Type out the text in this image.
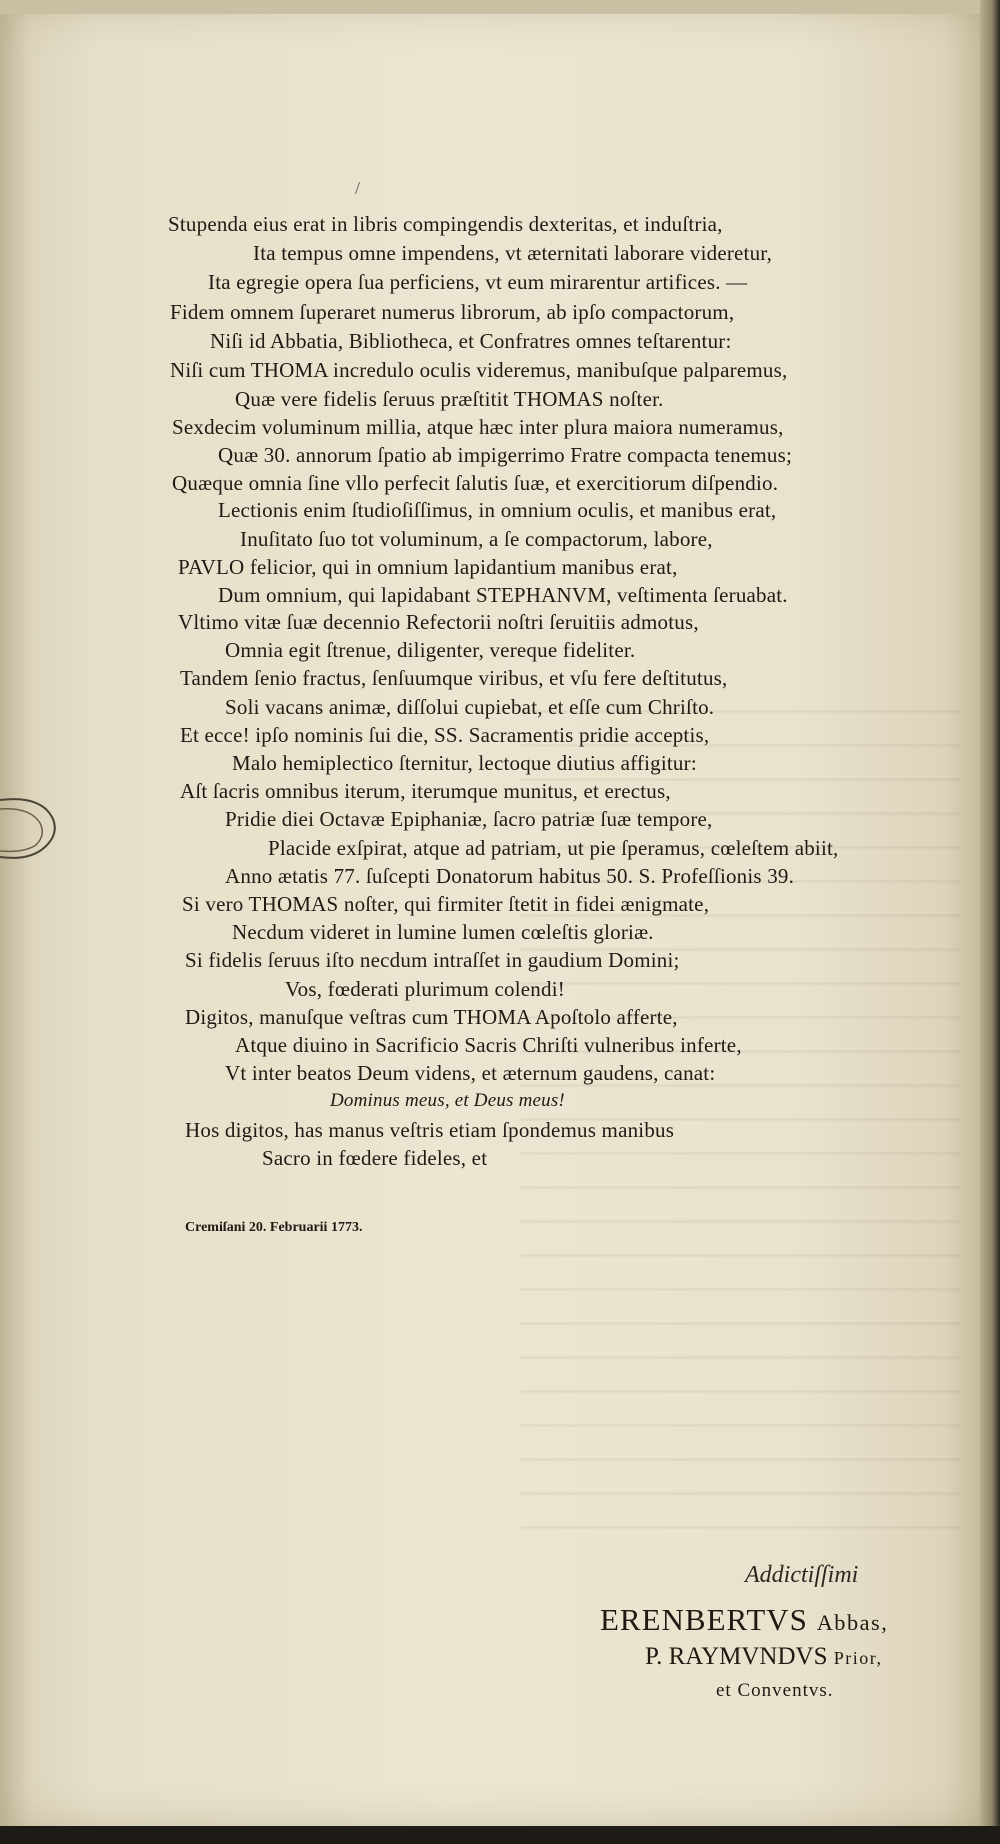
/
Stupenda eius erat in libris compingendis dexteritas, et induſtria,
Ita tempus omne impendens, vt æternitati laborare videretur,
Ita egregie opera ſua perficiens, vt eum mirarentur artifices. —
Fidem omnem ſuperaret numerus librorum, ab ipſo compactorum,
Niſi id Abbatia, Bibliotheca, et Confratres omnes teſtarentur:
Niſi cum THOMA incredulo oculis videremus, manibuſque palparemus,
Quæ vere fidelis ſeruus præſtitit THOMAS noſter.
Sexdecim voluminum millia, atque hæc inter plura maiora numeramus,
Quæ 30. annorum ſpatio ab impigerrimo Fratre compacta tenemus;
Quæque omnia ſine vllo perfecit ſalutis ſuæ, et exercitiorum diſpendio.
Lectionis enim ſtudioſiſſimus, in omnium oculis, et manibus erat,
Inuſitato ſuo tot voluminum, a ſe compactorum, labore,
PAVLO felicior, qui in omnium lapidantium manibus erat,
Dum omnium, qui lapidabant STEPHANVM, veſtimenta ſeruabat.
Vltimo vitæ ſuæ decennio Refectorii noſtri ſeruitiis admotus,
Omnia egit ſtrenue, diligenter, vereque fideliter.
Tandem ſenio fractus, ſenſuumque viribus, et vſu fere deſtitutus,
Soli vacans animæ, diſſolui cupiebat, et eſſe cum Chriſto.
Et ecce! ipſo nominis ſui die, SS. Sacramentis pridie acceptis,
Malo hemiplectico ſternitur, lectoque diutius affigitur:
Aſt ſacris omnibus iterum, iterumque munitus, et erectus,
Pridie diei Octavæ Epiphaniæ, ſacro patriæ ſuæ tempore,
Placide exſpirat, atque ad patriam, ut pie ſperamus, cœleſtem abiit,
Anno ætatis 77. ſuſcepti Donatorum habitus 50. S. Profeſſionis 39.
Si vero THOMAS noſter, qui firmiter ſtetit in fidei ænigmate,
Necdum videret in lumine lumen cœleſtis gloriæ.
Si fidelis ſeruus iſto necdum intraſſet in gaudium Domini;
Vos, fœderati plurimum colendi!
Digitos, manuſque veſtras cum THOMA Apoſtolo afferte,
Atque diuino in Sacrificio Sacris Chriſti vulneribus inferte,
Vt inter beatos Deum videns, et æternum gaudens, canat:
Dominus meus, et Deus meus!
Hos digitos, has manus veſtris etiam ſpondemus manibus
Sacro in fœdere fideles, et
Cremiſani 20. Februarii 1773.
Addictiſſimi
ERENBERTVS Abbas,
P. RAYMVNDVS Prior,
et Conventvs.
